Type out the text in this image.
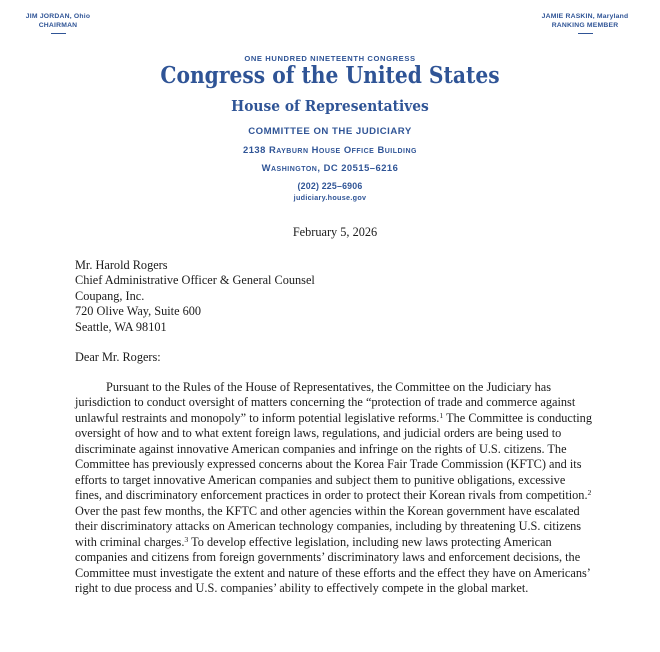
JIM JORDAN, Ohio
CHAIRMAN
JAMIE RASKIN, Maryland
RANKING MEMBER
ONE HUNDRED NINETEENTH CONGRESS
Congress of the United States
House of Representatives
COMMITTEE ON THE JUDICIARY
2138 Rayburn House Office Building
Washington, DC 20515–6216
(202) 225–6906
judiciary.house.gov
February 5, 2026
Mr. Harold Rogers
Chief Administrative Officer & General Counsel
Coupang, Inc.
720 Olive Way, Suite 600
Seattle, WA 98101
Dear Mr. Rogers:

Pursuant to the Rules of the House of Representatives, the Committee on the Judiciary has jurisdiction to conduct oversight of matters concerning the “protection of trade and commerce against unlawful restraints and monopoly” to inform potential legislative reforms.$^1$ The Committee is conducting oversight of how and to what extent foreign laws, regulations, and judicial orders are being used to discriminate against innovative American companies and infringe on the rights of U.S. citizens. The Committee has previously expressed concerns about the Korea Fair Trade Commission (KFTC) and its efforts to target innovative American companies and subject them to punitive obligations, excessive fines, and discriminatory enforcement practices in order to protect their Korean rivals from competition.$^2$ Over the past few months, the KFTC and other agencies within the Korean government have escalated their discriminatory attacks on American technology companies, including by threatening U.S. citizens with criminal charges.$^3$ To develop effective legislation, including new laws protecting American companies and citizens from foreign governments’ discriminatory laws and enforcement decisions, the Committee must investigate the extent and nature of these efforts and the effect they have on Americans’ right to due process and U.S. companies’ ability to effectively compete in the global market.
